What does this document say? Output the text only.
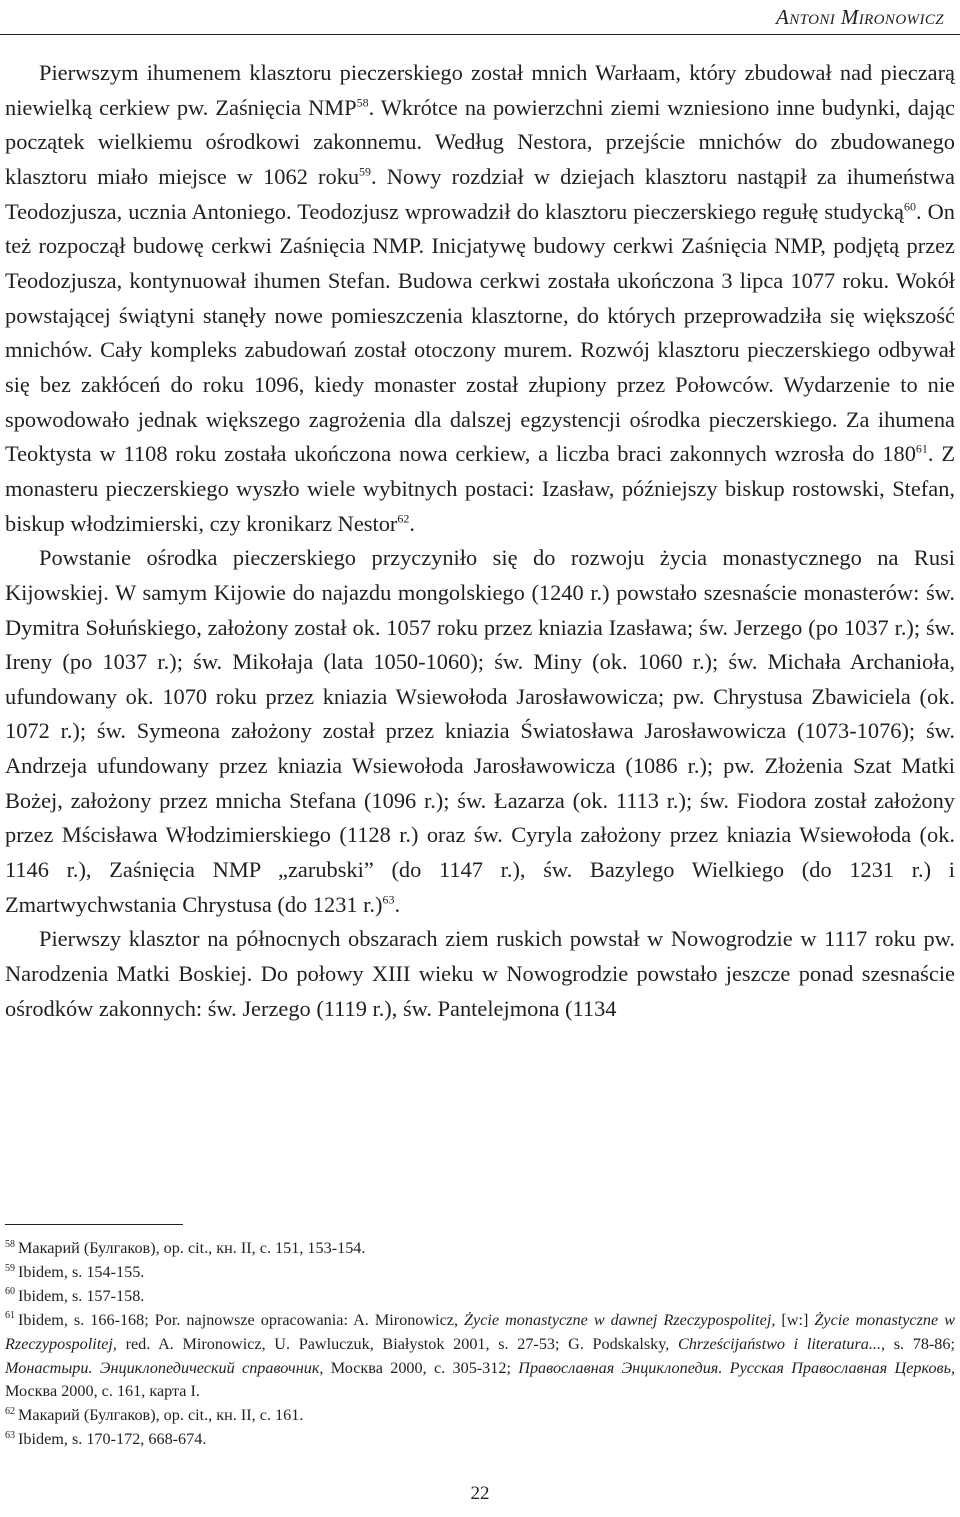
Antoni Mironowicz

Pierwszym ihumenem klasztoru pieczerskiego został mnich Warłaam, który zbudował nad pieczarą niewielką cerkiew pw. Zaśnięcia NMP$^{58}$. Wkrótce na powierzchni ziemi wzniesiono inne budynki, dając początek wielkiemu ośrodkowi zakonnemu. Według Nestora, przejście mnichów do zbudowanego klasztoru miało miejsce w 1062 roku$^{59}$. Nowy rozdział w dziejach klasztoru nastąpił za ihumeństwa Teodozjusza, ucznia Antoniego. Teodozjusz wprowadził do klasztoru pieczerskiego regułę studycką$^{60}$. On też rozpoczął budowę cerkwi Zaśnięcia NMP. Inicjatywę budowy cerkwi Zaśnięcia NMP, podjętą przez Teodozjusza, kontynuował ihumen Stefan. Budowa cerkwi została ukończona 3 lipca 1077 roku. Wokół powstającej świątyni stanęły nowe pomieszczenia klasztorne, do których przeprowadziła się większość mnichów. Cały kompleks zabudowań został otoczony murem. Rozwój klasztoru pieczerskiego odbywał się bez zakłóceń do roku 1096, kiedy monaster został złupiony przez Połowców. Wydarzenie to nie spowodowało jednak większego zagrożenia dla dalszej egzystencji ośrodka pieczerskiego. Za ihumena Teoktysta w 1108 roku została ukończona nowa cerkiew, a liczba braci zakonnych wzrosła do $180^{61}$. Z monasteru pieczerskiego wyszło wiele wybitnych postaci: Izasław, późniejszy biskup rostowski, Stefan, biskup włodzimierski, czy kronikarz Nestor$^{62}$.

Powstanie ośrodka pieczerskiego przyczyniło się do rozwoju życia monastycznego na Rusi Kijowskiej. W samym Kijowie do najazdu mongolskiego (1240 r.) powstało szesnaście monasterów: św. Dymitra Sołuńskiego, założony został ok. 1057 roku przez kniazia Izasława; św. Jerzego (po 1037 r.); św. Ireny (po 1037 r.); św. Mikołaja (lata 1050-1060); św. Miny (ok. 1060 r.); św. Michała Archanioła, ufundowany ok. 1070 roku przez kniazia Wsiewołoda Jarosławowicza; pw. Chrystusa Zbawiciela (ok. 1072 r.); św. Symeona założony został przez kniazia Światosława Jarosławowicza (1073-1076); św. Andrzeja ufundowany przez kniazia Wsiewołoda Jarosławowicza (1086 r.); pw. Złożenia Szat Matki Bożej, założony przez mnicha Stefana (1096 r.); św. Łazarza (ok. 1113 r.); św. Fiodora został założony przez Mścisława Włodzimierskiego (1128 r.) oraz św. Cyryla założony przez kniazia Wsiewołoda (ok. 1146 r.), Zaśnięcia NMP „zarubski” (do 1147 r.), św. Bazylego Wielkiego (do 1231 r.) i Zmartwychwstania Chrystusa (do 1231 r.)$^{63}$.

Pierwszy klasztor na północnych obszarach ziem ruskich powstał w Nowogrodzie w 1117 roku pw. Narodzenia Matki Boskiej. Do połowy XIII wieku w Nowogrodzie powstało jeszcze ponad szesnaście ośrodków zakonnych: św. Jerzego (1119 r.), św. Pantelejmona (1134

$^{58}$ Макарий (Булгаков), op. cit., кн. II, с. 151, 153-154.

$^{59}$ Ibidem, s. 154-155.

$^{60}$ Ibidem, s. 157-158.

$^{61}$ Ibidem, s. 166-168; Por. najnowsze opracowania: A. Mironowicz, Życie monastyczne w dawnej Rzeczypospolitej, [w:] Życie monastyczne w Rzeczypospolitej, red. A. Mironowicz, U. Pawluczuk, Białystok 2001, s. 27-53; G. Podskalsky, Chrześcijaństwo i literatura..., s. 78-86; Монастыри. Энциклопедический справочник, Москва 2000, с. 305-312; Православная Энциклопедия. Русская Православная Церковь, Москва 2000, с. 161, карта I.

$^{62}$ Макарий (Булгаков), op. cit., кн. II, с. 161.

$^{63}$ Ibidem, s. 170-172, 668-674.

22
